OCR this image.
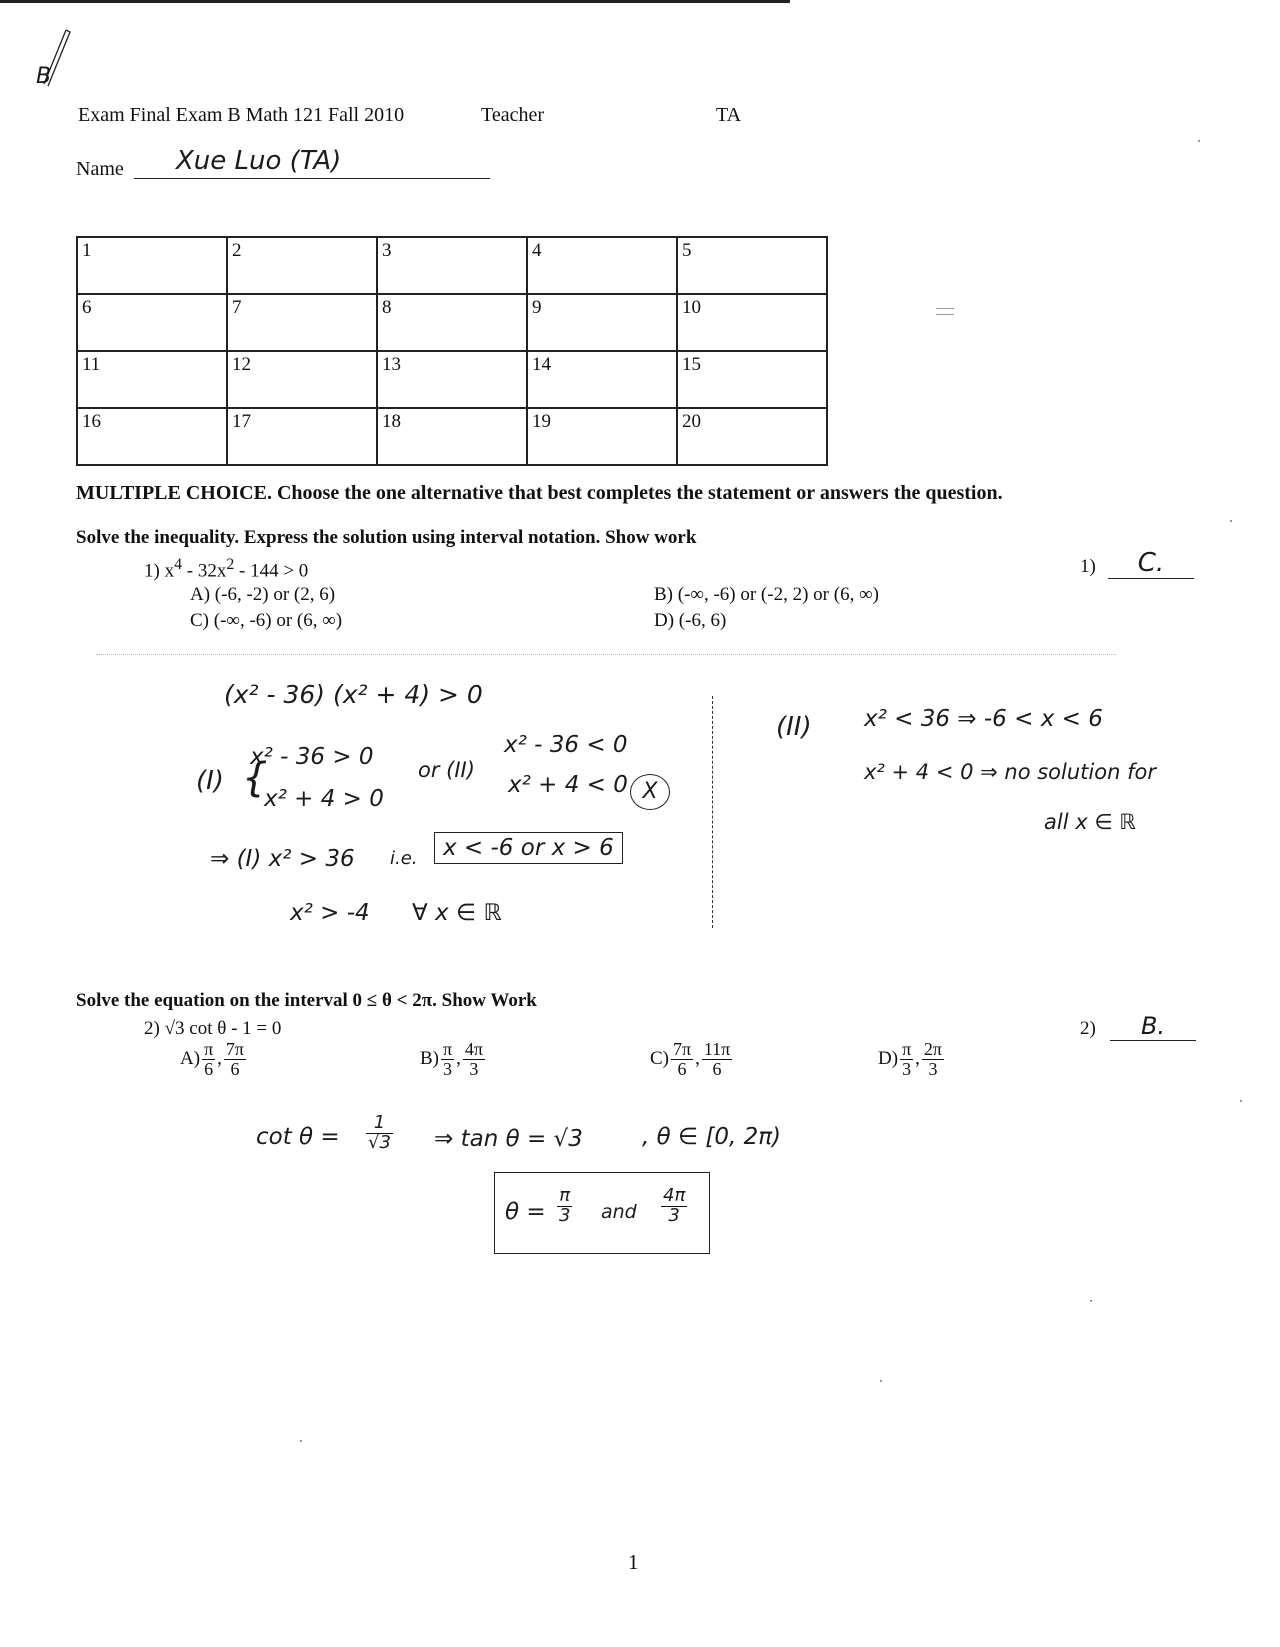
B
Exam Final Exam B Math 121 Fall 2010	Teacher	TA
Name Xue Luo (TA)
1	2	3	4	5
6	7	8	9	10
11	12	13	14	15
16	17	18	19	20
MULTIPLE CHOICE. Choose the one alternative that best completes the statement or answers the question.
Solve the inequality. Express the solution using interval notation. Show work
1) $x^4 - 32x^2 - 144 > 0$
A) (-6, -2) or (2, 6)	B) (-∞, -6) or (-2, 2) or (6, ∞)
C) (-∞, -6) or (6, ∞)	D) (-6, 6)
1)	C.
(x² - 36) (x² + 4) > 0
(I) {
x² - 36 > 0
x² + 4 > 0
or (II)
x² - 36 < 0
x² + 4 < 0 X
⇒ (I) x² > 36 i.e.	x < -6 or x > 6
x² > -4 ∀ x ∈ ℝ
(II) x² < 36 ⇒ -6 < x < 6
x² + 4 < 0 ⇒ no solution for
all x ∈ ℝ
Solve the equation on the interval 0 ≤ θ < 2π. Show Work
2) √3 cot θ - 1 = 0	2)	B.
$A) \frac{\pi}{6}$ , $\frac{7\pi}{6}$	$B) \frac{\pi}{3}$ , $\frac{4\pi}{3}$	$C) \frac{7\pi}{6}$ , $\frac{11\pi}{6}$	$D) \frac{\pi}{3}$ , $\frac{2\pi}{3}$
$\cot \theta = \frac{1}{√3}$ ⇒ tan θ = √3	, θ ∈ [0, 2π)
$\theta = \frac{\pi}{3}$ and $\frac{4\pi}{3}$
1
